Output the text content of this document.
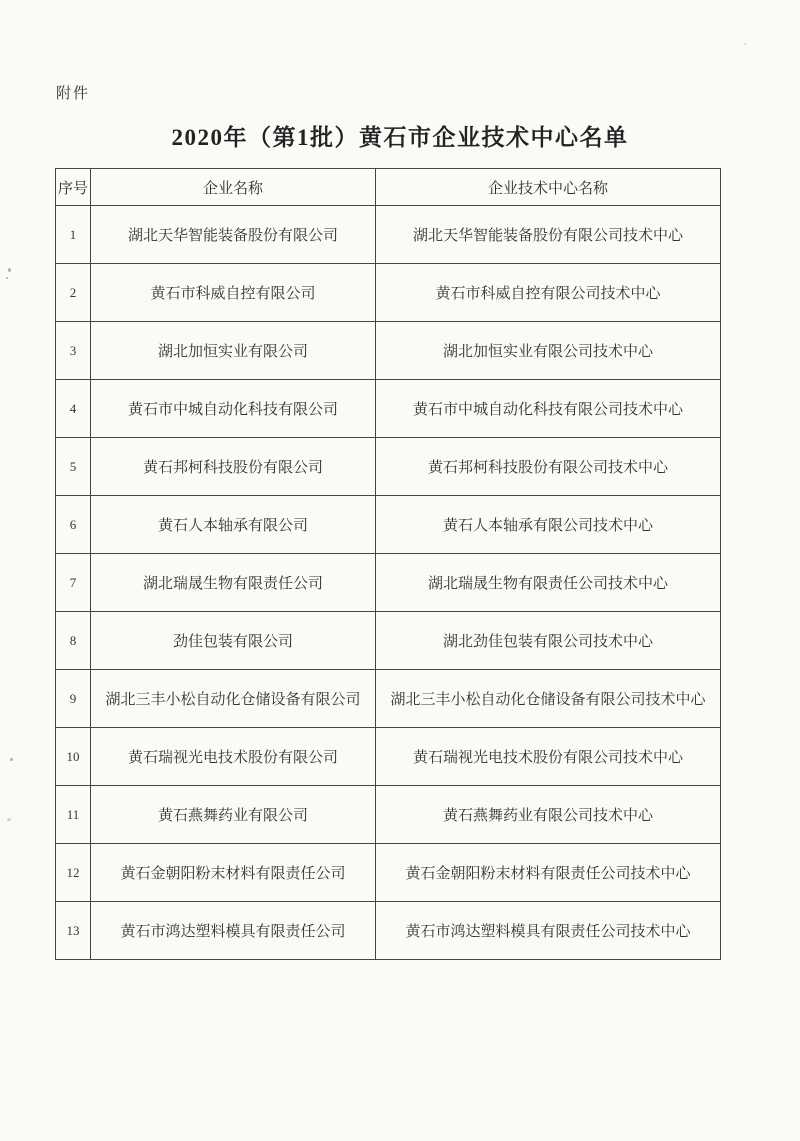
附件
2020年（第1批）黄石市企业技术中心名单
序号	企业名称	企业技术中心名称
1	湖北天华智能装备股份有限公司	湖北天华智能装备股份有限公司技术中心
2	黄石市科威自控有限公司	黄石市科威自控有限公司技术中心
3	湖北加恒实业有限公司	湖北加恒实业有限公司技术中心
4	黄石市中城自动化科技有限公司	黄石市中城自动化科技有限公司技术中心
5	黄石邦柯科技股份有限公司	黄石邦柯科技股份有限公司技术中心
6	黄石人本轴承有限公司	黄石人本轴承有限公司技术中心
7	湖北瑞晟生物有限责任公司	湖北瑞晟生物有限责任公司技术中心
8	劲佳包装有限公司	湖北劲佳包装有限公司技术中心
9	湖北三丰小松自动化仓储设备有限公司	湖北三丰小松自动化仓储设备有限公司技术中心
10	黄石瑞视光电技术股份有限公司	黄石瑞视光电技术股份有限公司技术中心
11	黄石燕舞药业有限公司	黄石燕舞药业有限公司技术中心
12	黄石金朝阳粉末材料有限责任公司	黄石金朝阳粉末材料有限责任公司技术中心
13	黄石市鸿达塑料模具有限责任公司	黄石市鸿达塑料模具有限责任公司技术中心
